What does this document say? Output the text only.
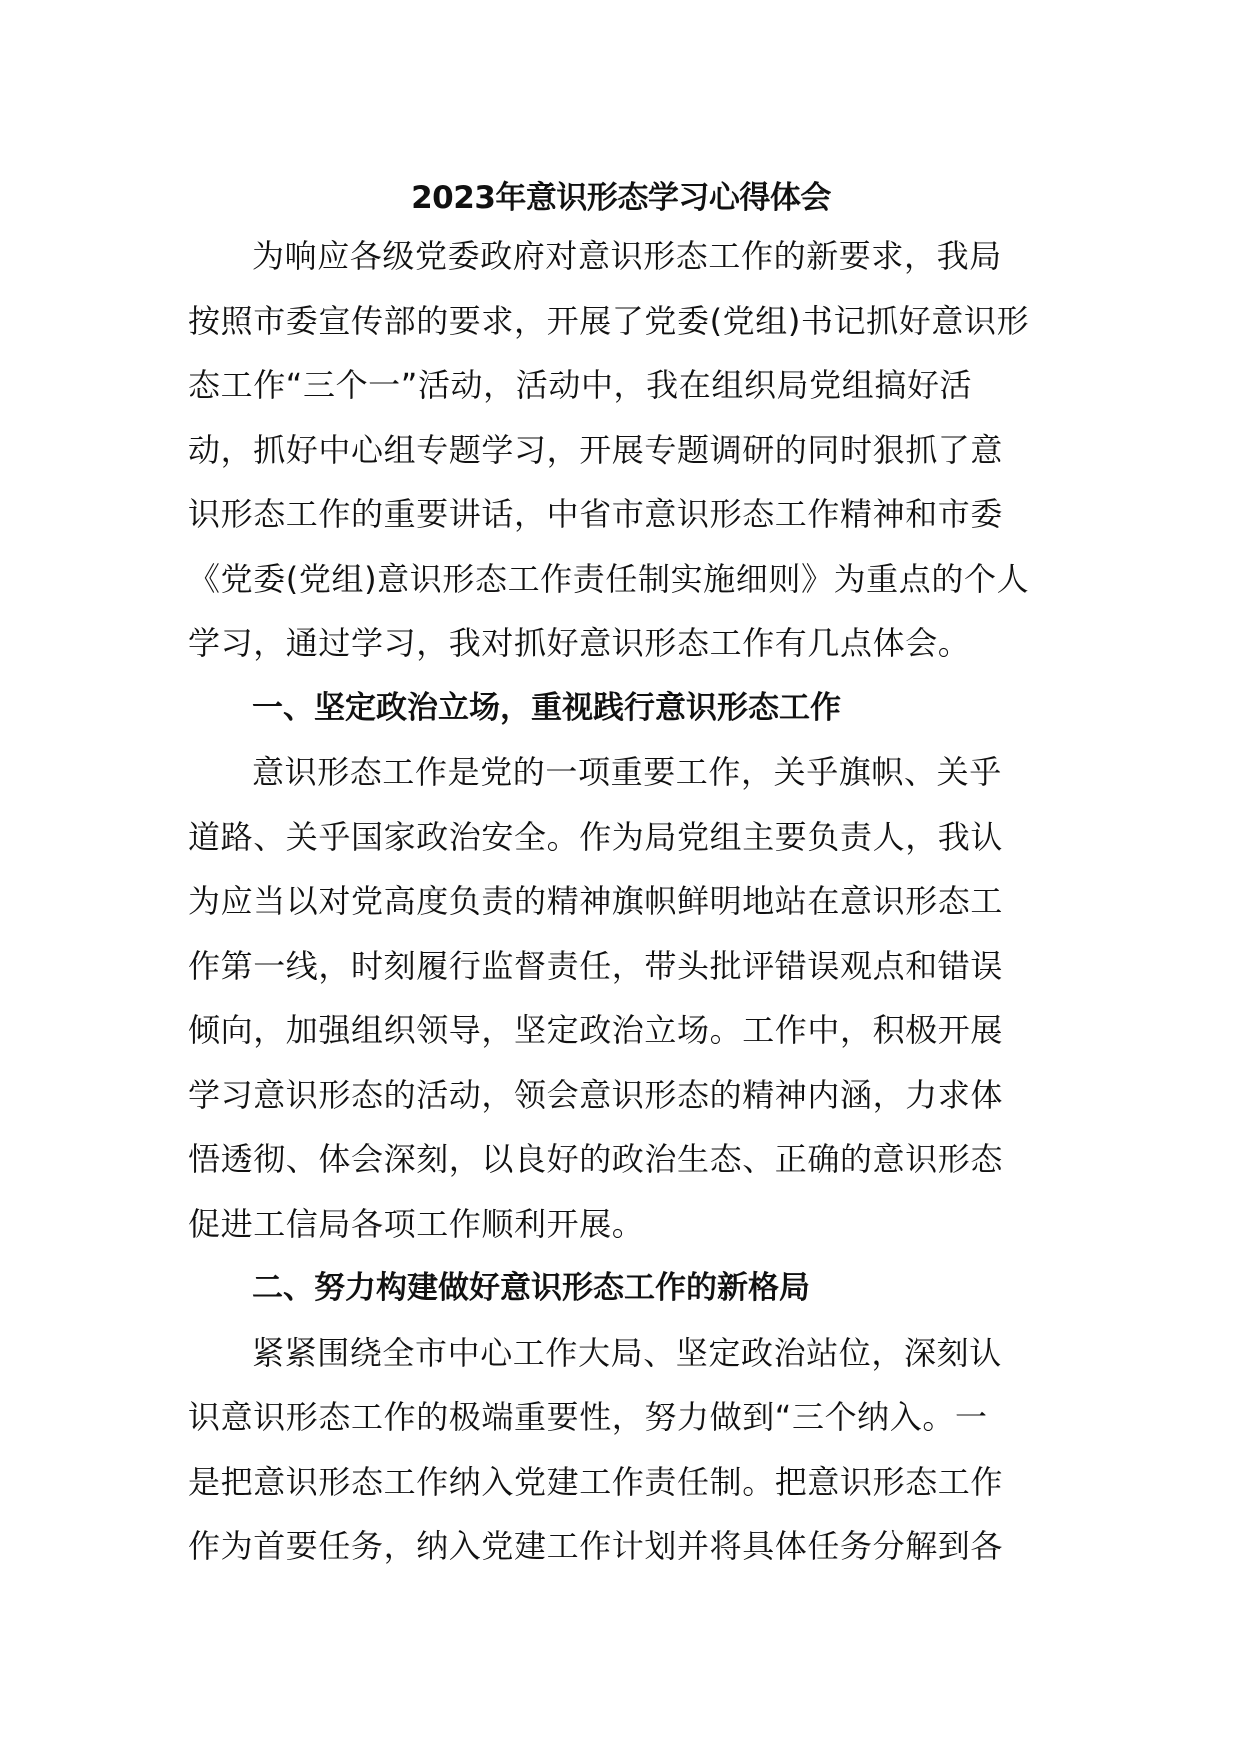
2023年意识形态学习心得体会
为响应各级党委政府对意识形态工作的新要求，我局
按照市委宣传部的要求，开展了党委(党组)书记抓好意识形
态工作“三个一”活动，活动中，我在组织局党组搞好活
动，抓好中心组专题学习，开展专题调研的同时狠抓了意
识形态工作的重要讲话，中省市意识形态工作精神和市委
《党委(党组)意识形态工作责任制实施细则》为重点的个人
学习，通过学习，我对抓好意识形态工作有几点体会。
一、坚定政治立场，重视践行意识形态工作
意识形态工作是党的一项重要工作，关乎旗帜、关乎
道路、关乎国家政治安全。作为局党组主要负责人，我认
为应当以对党高度负责的精神旗帜鲜明地站在意识形态工
作第一线，时刻履行监督责任，带头批评错误观点和错误
倾向，加强组织领导，坚定政治立场。工作中，积极开展
学习意识形态的活动，领会意识形态的精神内涵，力求体
悟透彻、体会深刻，以良好的政治生态、正确的意识形态
促进工信局各项工作顺利开展。
二、努力构建做好意识形态工作的新格局
紧紧围绕全市中心工作大局、坚定政治站位，深刻认
识意识形态工作的极端重要性，努力做到“三个纳入。一
是把意识形态工作纳入党建工作责任制。把意识形态工作
作为首要任务，纳入党建工作计划并将具体任务分解到各
